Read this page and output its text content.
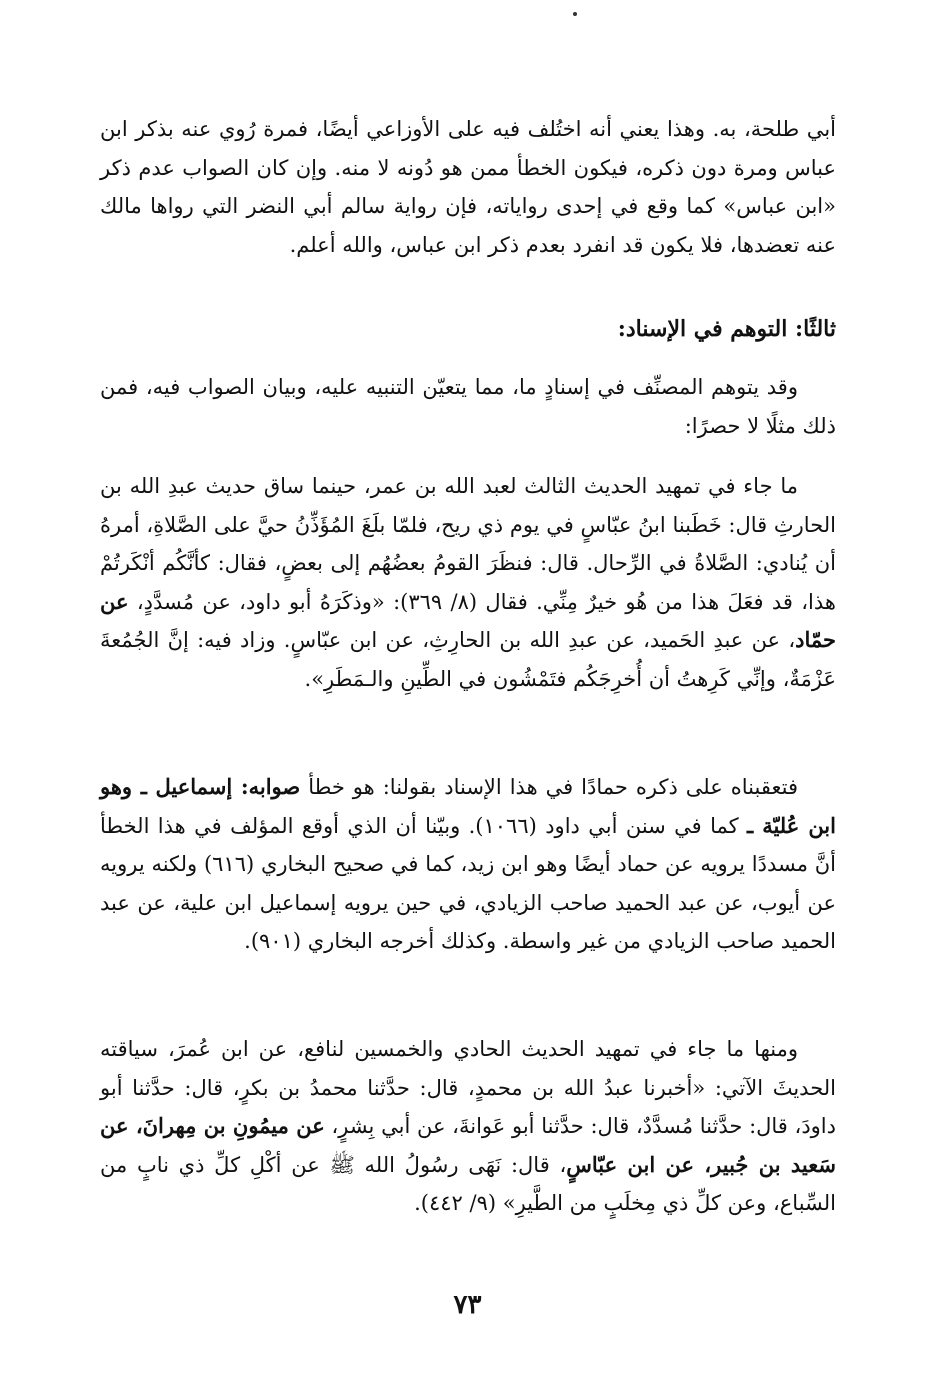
أبي طلحة، به. وهذا يعني أنه اختُلف فيه على الأوزاعي أيضًا، فمرة رُوي عنه بذكر ابن عباس ومرة دون ذكره، فيكون الخطأ ممن هو دُونه لا منه. وإن كان الصواب عدم ذكر «ابن عباس» كما وقع في إحدى رواياته، فإن رواية سالم أبي النضر التي رواها مالك عنه تعضدها، فلا يكون قد انفرد بعدم ذكر ابن عباس، والله أعلم.

ثالثًا: التوهم في الإسناد:

وقد يتوهم المصنِّف في إسنادٍ ما، مما يتعيّن التنبيه عليه، وبيان الصواب فيه، فمن ذلك مثلًا لا حصرًا:

ما جاء في تمهيد الحديث الثالث لعبد الله بن عمر، حينما ساق حديث عبدِ الله بن الحارثِ قال: خَطَبنا ابنُ عبّاسٍ في يوم ذي ريح، فلمّا بلَغَ المُؤَذِّنُ حيَّ على الصَّلاةِ، أمرهُ أن يُنادي: الصَّلاةُ في الرِّحال. قال: فنظَرَ القومُ بعضُهُم إلى بعضٍ، فقال: كأنَّكُم أنْكَرتُمْ هذا، قد فعَلَ هذا من هُو خيرٌ مِنِّي. فقال (٨/ ٣٦٩): «وذكَرَهُ أبو داود، عن مُسدَّدٍ، عن حمّاد، عن عبدِ الحَميد، عن عبدِ الله بن الحارِثِ، عن ابن عبّاسٍ. وزاد فيه: إنَّ الجُمُعةَ عَزْمَةٌ، وإنِّي كَرِهتُ أن أُخرِجَكُم فتَمْشُون في الطِّينِ والـمَطَرِ».

فتعقبناه على ذكره حمادًا في هذا الإسناد بقولنا: هو خطأ صوابه: إسماعيل ـ وهو ابن عُليّة ـ كما في سنن أبي داود (١٠٦٦). وبيّنا أن الذي أوقع المؤلف في هذا الخطأ أنَّ مسددًا يرويه عن حماد أيضًا وهو ابن زيد، كما في صحيح البخاري (٦١٦) ولكنه يرويه عن أيوب، عن عبد الحميد صاحب الزيادي، في حين يرويه إسماعيل ابن علية، عن عبد الحميد صاحب الزيادي من غير واسطة. وكذلك أخرجه البخاري (٩٠١).

ومنها ما جاء في تمهيد الحديث الحادي والخمسين لنافع، عن ابن عُمرَ، سياقته الحديثَ الآتي: «أخبرنا عبدُ الله بن محمدٍ، قال: حدَّثنا محمدُ بن بكرٍ، قال: حدَّثنا أبو داودَ، قال: حدَّثنا مُسدَّدٌ، قال: حدَّثنا أبو عَوانةَ، عن أبي بِشرٍ، عن ميمُونِ بن مِهرانَ، عن سَعيد بن جُبير، عن ابن عبّاسٍ، قال: نَهَى رسُولُ الله ﷺ عن أكْلِ كلِّ ذي نابٍ من السِّباع، وعن كلِّ ذي مِخلَبٍ من الطَّيرِ» (٩/ ٤٤٢).

٧٣
